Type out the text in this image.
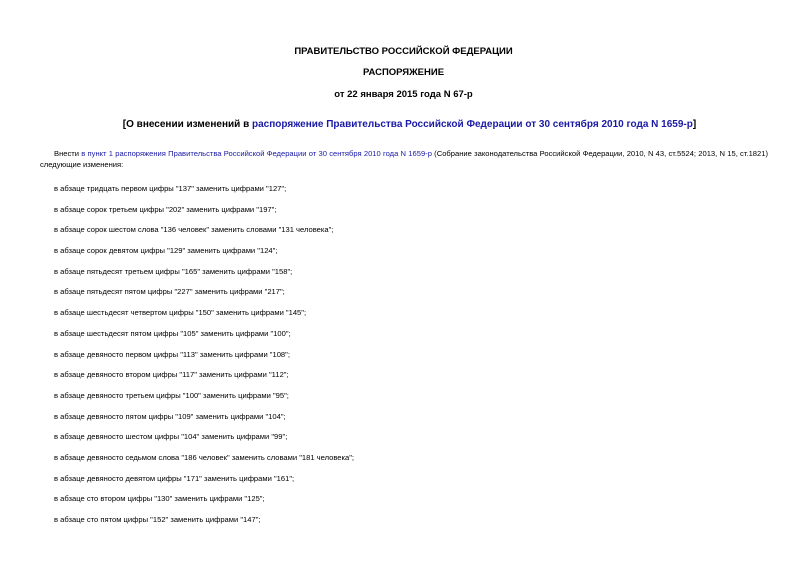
ПРАВИТЕЛЬСТВО РОССИЙСКОЙ ФЕДЕРАЦИИ
РАСПОРЯЖЕНИЕ
от 22 января 2015 года N 67-р
[О внесении изменений в распоряжение Правительства Российской Федерации от 30 сентября 2010 года N 1659-р]
Внести в пункт 1 распоряжения Правительства Российской Федерации от 30 сентября 2010 года N 1659-р (Собрание законодательства Российской Федерации, 2010, N 43, ст.5524; 2013, N 15, ст.1821)
следующие изменения:
в абзаце тридцать первом цифры "137" заменить цифрами "127";
в абзаце сорок третьем цифры "202" заменить цифрами "197";
в абзаце сорок шестом слова "136 человек" заменить словами "131 человека";
в абзаце сорок девятом цифры "129" заменить цифрами "124";
в абзаце пятьдесят третьем цифры "165" заменить цифрами "158";
в абзаце пятьдесят пятом цифры "227" заменить цифрами "217";
в абзаце шестьдесят четвертом цифры "150" заменить цифрами "145";
в абзаце шестьдесят пятом цифры "105" заменить цифрами "100";
в абзаце девяносто первом цифры "113" заменить цифрами "108";
в абзаце девяносто втором цифры "117" заменить цифрами "112";
в абзаце девяносто третьем цифры "100" заменить цифрами "95";
в абзаце девяносто пятом цифры "109" заменить цифрами "104";
в абзаце девяносто шестом цифры "104" заменить цифрами "99";
в абзаце девяносто седьмом слова "186 человек" заменить словами "181 человека";
в абзаце девяносто девятом цифры "171" заменить цифрами "161";
в абзаце сто втором цифры "130" заменить цифрами "125";
в абзаце сто пятом цифры "152" заменить цифрами "147";
